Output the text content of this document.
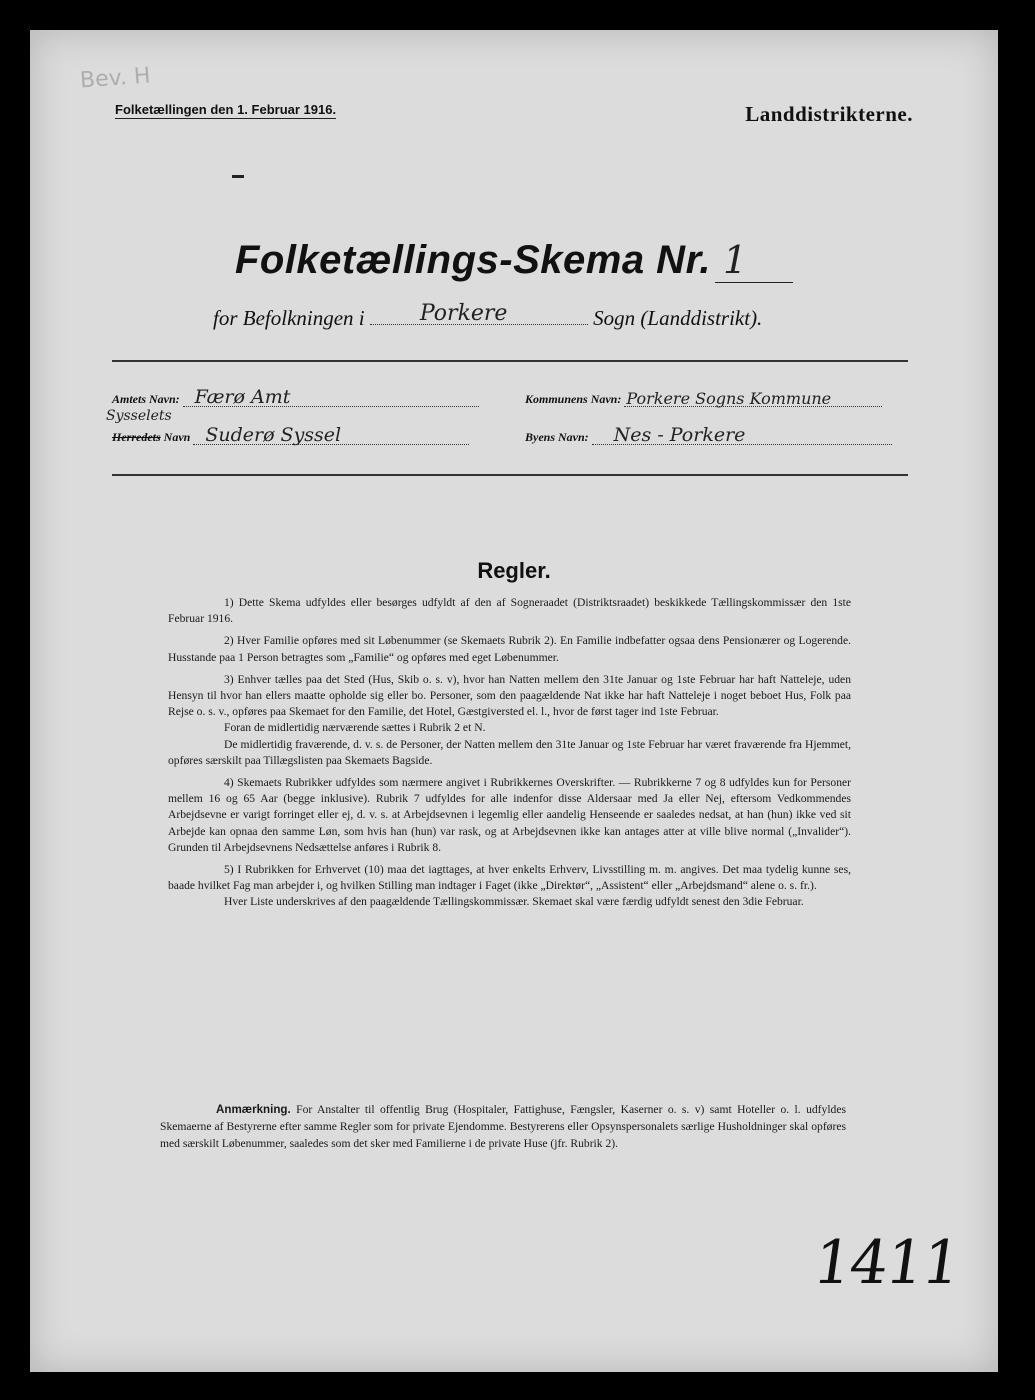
Bev. H
Folketællingen den 1. Februar 1916.	Landdistrikterne.
Folketællings-Skema Nr. 1
for Befolkningen i	Porkere	Sogn (Landdistrikt).
Amtets Navn: Færø Amt	Kommunens Navn: Porkere Sogns Kommune
Sysselets
Herredets Navn Suderø Syssel	Byens Navn: Nes - Porkere
Regler.

1) Dette Skema udfyldes eller besørges udfyldt af den af Sogneraadet (Distriktsraadet) beskikkede Tællingskommissær den 1ste Februar 1916.

2) Hver Familie opføres med sit Løbenummer (se Skemaets Rubrik 2). En Familie indbefatter ogsaa dens Pensionærer og Logerende. Husstande paa 1 Person betragtes som „Familie“ og opføres med eget Løbenummer.

3) Enhver tælles paa det Sted (Hus, Skib o. s. v), hvor han Natten mellem den 31te Januar og 1ste Februar har haft Natteleje, uden Hensyn til hvor han ellers maatte opholde sig eller bo. Personer, som den paagældende Nat ikke har haft Natteleje i noget beboet Hus, Folk paa Rejse o. s. v., opføres paa Skemaet for den Familie, det Hotel, Gæstgiversted el. l., hvor de først tager ind 1ste Februar.

Foran de midlertidig nærværende sættes i Rubrik 2 et N.

De midlertidig fraværende, d. v. s. de Personer, der Natten mellem den 31te Januar og 1ste Februar har været fraværende fra Hjemmet, opføres særskilt paa Tillægslisten paa Skemaets Bagside.

4) Skemaets Rubrikker udfyldes som nærmere angivet i Rubrikkernes Overskrifter. — Rubrikkerne 7 og 8 udfyldes kun for Personer mellem 16 og 65 Aar (begge inklusive). Rubrik 7 udfyldes for alle indenfor disse Aldersaar med Ja eller Nej, eftersom Vedkommendes Arbejdsevne er varigt forringet eller ej, d. v. s. at Arbejdsevnen i legemlig eller aandelig Henseende er saaledes nedsat, at han (hun) ikke ved sit Arbejde kan opnaa den samme Løn, som hvis han (hun) var rask, og at Arbejdsevnen ikke kan antages atter at ville blive normal („Invalider“). Grunden til Arbejdsevnens Nedsættelse anføres i Rubrik 8.

5) I Rubrikken for Erhvervet (10) maa det iagttages, at hver enkelts Erhverv, Livsstilling m. m. angives. Det maa tydelig kunne ses, baade hvilket Fag man arbejder i, og hvilken Stilling man indtager i Faget (ikke „Direktør“, „Assistent“ eller „Arbejdsmand“ alene o. s. fr.).

Hver Liste underskrives af den paagældende Tællingskommissær. Skemaet skal være færdig udfyldt senest den 3die Februar.

Anmærkning. For Anstalter til offentlig Brug (Hospitaler, Fattighuse, Fængsler, Kaserner o. s. v) samt Hoteller o. l. udfyldes Skemaerne af Bestyrerne efter samme Regler som for private Ejendomme. Bestyrerens eller Opsynspersonalets særlige Husholdninger skal opføres med særskilt Løbenummer, saaledes som det sker med Familierne i de private Huse (jfr. Rubrik 2).
1411
